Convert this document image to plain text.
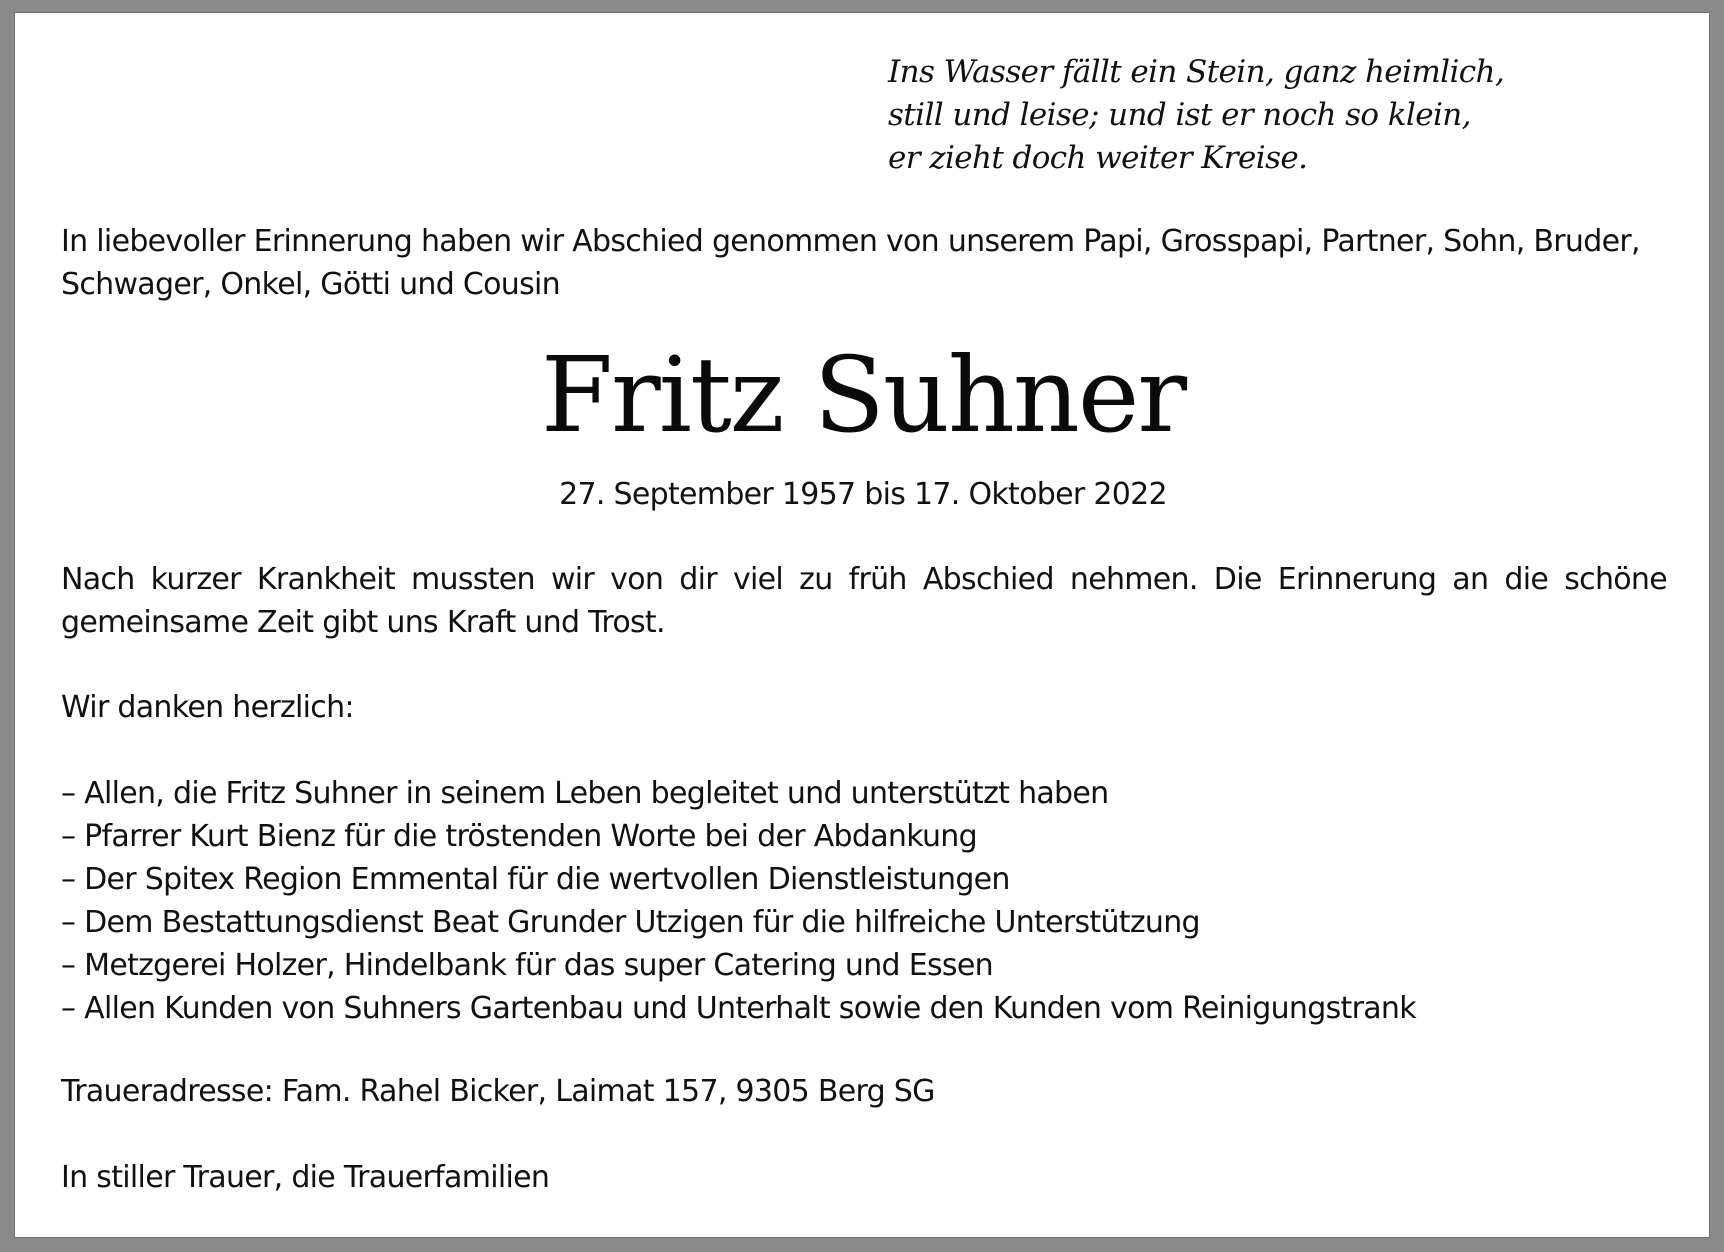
Ins Wasser fällt ein Stein, ganz heimlich,
still und leise; und ist er noch so klein,
er zieht doch weiter Kreise.
In liebevoller Erinnerung haben wir Abschied genommen von unserem Papi, Grosspapi, Partner, Sohn, Bruder, Schwager, Onkel, Götti und Cousin
Fritz Suhner
27. September 1957 bis 17. Oktober 2022
Nach kurzer Krankheit mussten wir von dir viel zu früh Abschied nehmen. Die Erinnerung an die schöne gemeinsame Zeit gibt uns Kraft und Trost.
Wir danken herzlich:
– Allen, die Fritz Suhner in seinem Leben begleitet und unterstützt haben
– Pfarrer Kurt Bienz für die tröstenden Worte bei der Abdankung
– Der Spitex Region Emmental für die wertvollen Dienstleistungen
– Dem Bestattungsdienst Beat Grunder Utzigen für die hilfreiche Unterstützung
– Metzgerei Holzer, Hindelbank für das super Catering und Essen
– Allen Kunden von Suhners Gartenbau und Unterhalt sowie den Kunden vom Reinigungstrank
Traueradresse: Fam. Rahel Bicker, Laimat 157, 9305 Berg SG
In stiller Trauer, die Trauerfamilien
